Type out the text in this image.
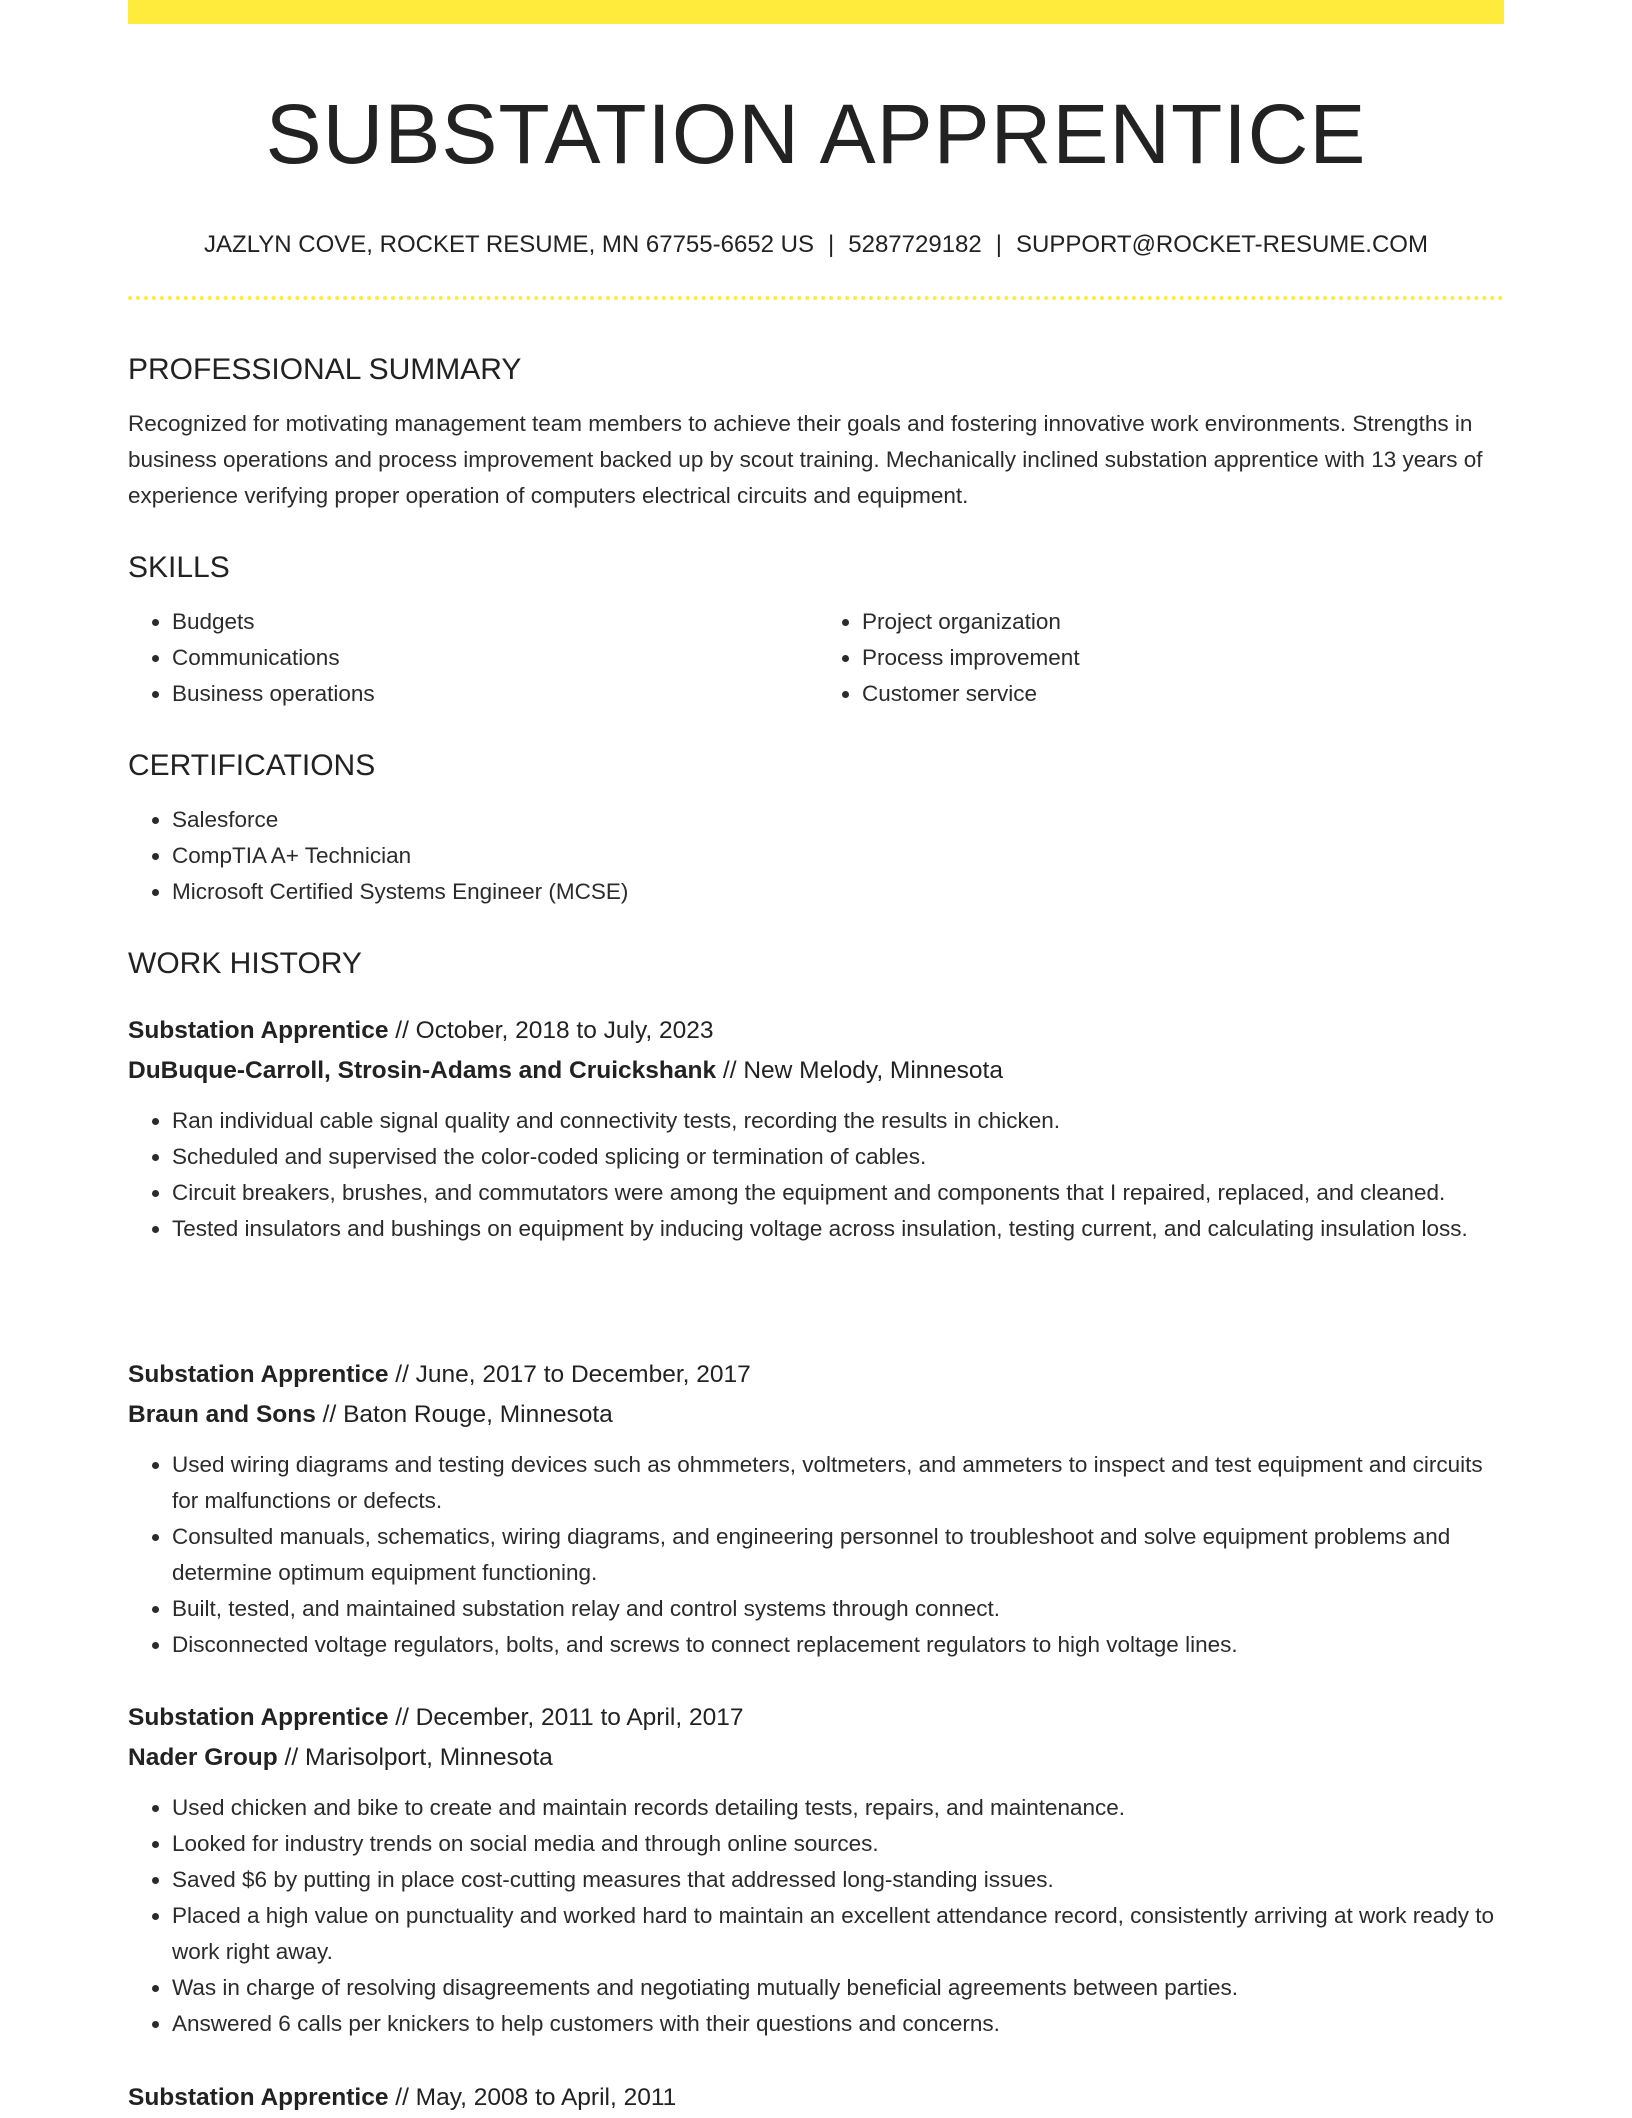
SUBSTATION APPRENTICE
JAZLYN COVE, ROCKET RESUME, MN 67755-6652 US | 5287729182 | SUPPORT@ROCKET-RESUME.COM
PROFESSIONAL SUMMARY

Recognized for motivating management team members to achieve their goals and fostering innovative work environments. Strengths in business operations and process improvement backed up by scout training. Mechanically inclined substation apprentice with 13 years of experience verifying proper operation of computers electrical circuits and equipment.

SKILLS
• Budgets
• Communications
• Business operations
• Project organization
• Process improvement
• Customer service
CERTIFICATIONS
• Salesforce
• CompTIA A+ Technician
• Microsoft Certified Systems Engineer (MCSE)
WORK HISTORY

Substation Apprentice // October, 2018 to July, 2023

DuBuque-Carroll, Strosin-Adams and Cruickshank // New Melody, Minnesota

• Ran individual cable signal quality and connectivity tests, recording the results in chicken.
• Scheduled and supervised the color-coded splicing or termination of cables.
• Circuit breakers, brushes, and commutators were among the equipment and components that I repaired, replaced, and cleaned.
• Tested insulators and bushings on equipment by inducing voltage across insulation, testing current, and calculating insulation loss.

Substation Apprentice // June, 2017 to December, 2017

Braun and Sons // Baton Rouge, Minnesota

• Used wiring diagrams and testing devices such as ohmmeters, voltmeters, and ammeters to inspect and test equipment and circuits for malfunctions or defects.
• Consulted manuals, schematics, wiring diagrams, and engineering personnel to troubleshoot and solve equipment problems and determine optimum equipment functioning.
• Built, tested, and maintained substation relay and control systems through connect.
• Disconnected voltage regulators, bolts, and screws to connect replacement regulators to high voltage lines.

Substation Apprentice // December, 2011 to April, 2017

Nader Group // Marisolport, Minnesota

• Used chicken and bike to create and maintain records detailing tests, repairs, and maintenance.
• Looked for industry trends on social media and through online sources.
• Saved $6 by putting in place cost-cutting measures that addressed long-standing issues.
• Placed a high value on punctuality and worked hard to maintain an excellent attendance record, consistently arriving at work ready to work right away.
• Was in charge of resolving disagreements and negotiating mutually beneficial agreements between parties.
• Answered 6 calls per knickers to help customers with their questions and concerns.

Substation Apprentice // May, 2008 to April, 2011
